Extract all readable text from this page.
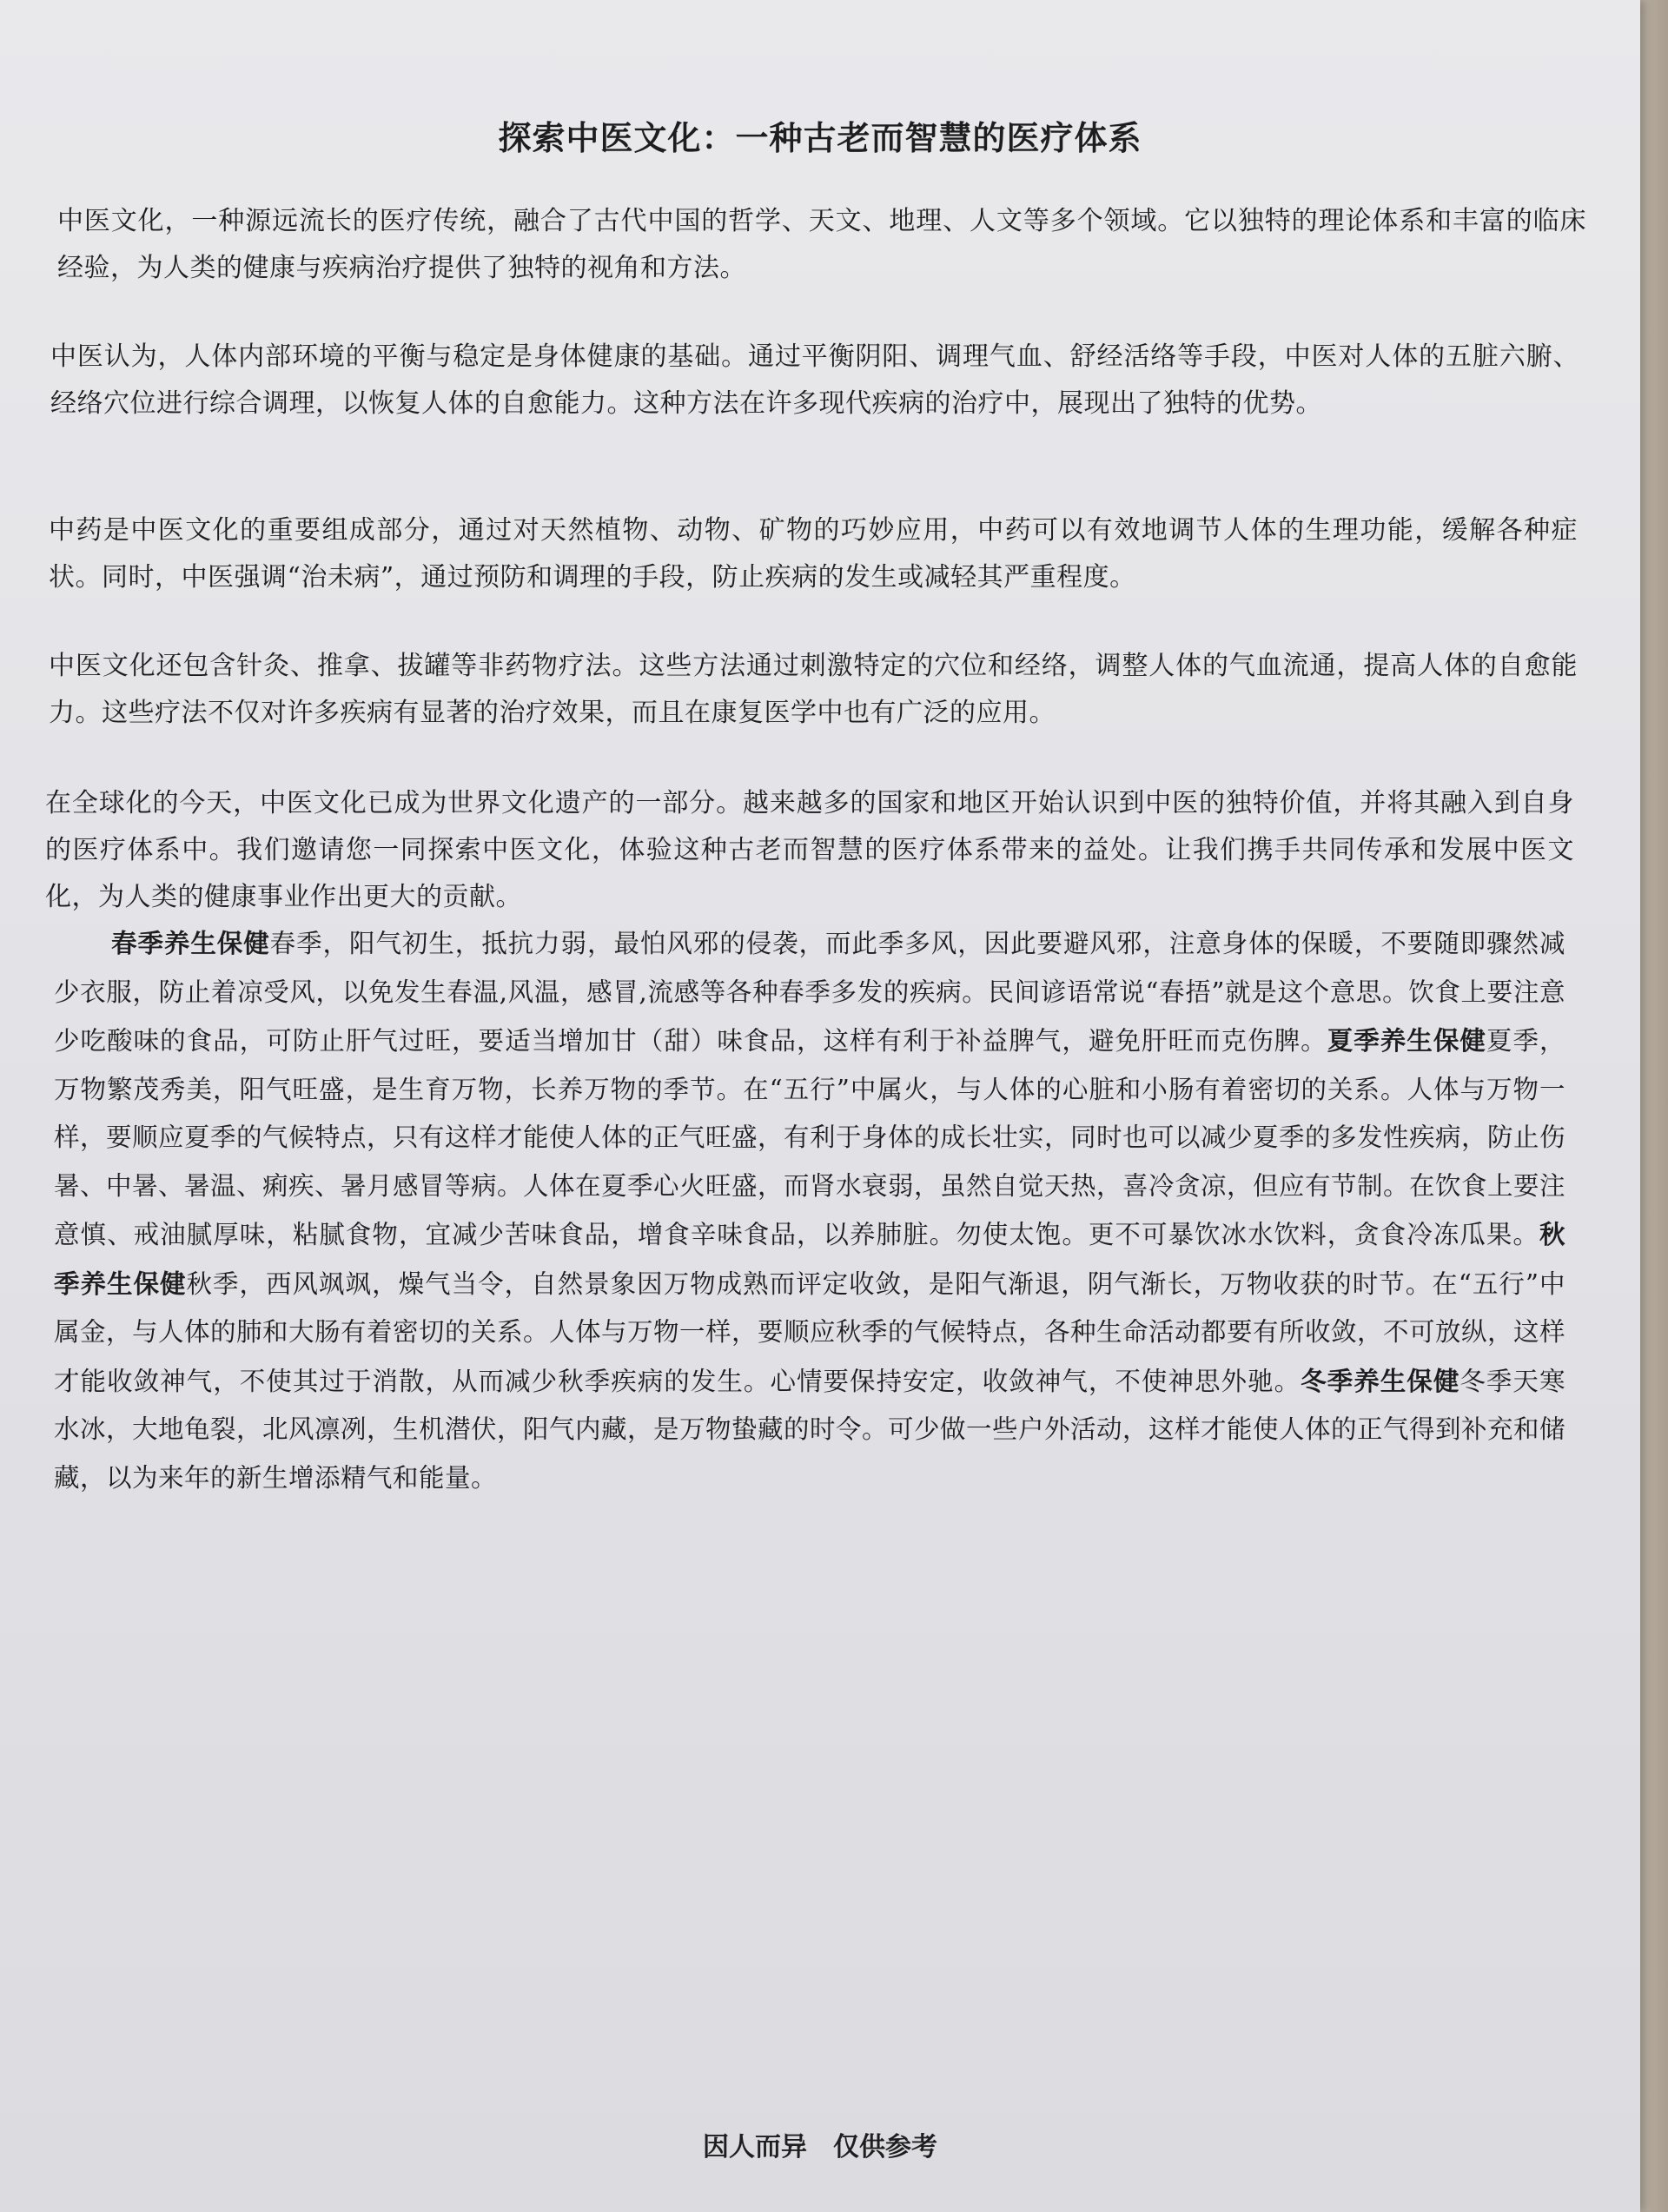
探索中医文化：一种古老而智慧的医疗体系

中医文化，一种源远流长的医疗传统，融合了古代中国的哲学、天文、地理、人文等多个领域。它以独特的理论体系和丰富的临床经验，为人类的健康与疾病治疗提供了独特的视角和方法。

中医认为，人体内部环境的平衡与稳定是身体健康的基础。通过平衡阴阳、调理气血、舒经活络等手段，中医对人体的五脏六腑、经络穴位进行综合调理，以恢复人体的自愈能力。这种方法在许多现代疾病的治疗中，展现出了独特的优势。

中药是中医文化的重要组成部分，通过对天然植物、动物、矿物的巧妙应用，中药可以有效地调节人体的生理功能，缓解各种症状。同时，中医强调“治未病”，通过预防和调理的手段，防止疾病的发生或减轻其严重程度。

中医文化还包含针灸、推拿、拔罐等非药物疗法。这些方法通过刺激特定的穴位和经络，调整人体的气血流通，提高人体的自愈能力。这些疗法不仅对许多疾病有显著的治疗效果，而且在康复医学中也有广泛的应用。

在全球化的今天，中医文化已成为世界文化遗产的一部分。越来越多的国家和地区开始认识到中医的独特价值，并将其融入到自身的医疗体系中。我们邀请您一同探索中医文化，体验这种古老而智慧的医疗体系带来的益处。让我们携手共同传承和发展中医文化，为人类的健康事业作出更大的贡献。

春季养生保健春季，阳气初生，抵抗力弱，最怕风邪的侵袭，而此季多风，因此要避风邪，注意身体的保暖，不要随即骤然减少衣服，防止着凉受风，以免发生春温,风温，感冒,流感等各种春季多发的疾病。民间谚语常说“春捂”就是这个意思。饮食上要注意少吃酸味的食品，可防止肝气过旺，要适当增加甘（甜）味食品，这样有利于补益脾气，避免肝旺而克伤脾。夏季养生保健夏季，万物繁茂秀美，阳气旺盛，是生育万物，长养万物的季节。在“五行”中属火，与人体的心脏和小肠有着密切的关系。人体与万物一样，要顺应夏季的气候特点，只有这样才能使人体的正气旺盛，有利于身体的成长壮实，同时也可以减少夏季的多发性疾病，防止伤暑、中暑、暑温、痢疾、暑月感冒等病。人体在夏季心火旺盛，而肾水衰弱，虽然自觉天热，喜冷贪凉，但应有节制。在饮食上要注意慎、戒油腻厚味，粘腻食物，宜减少苦味食品，增食辛味食品，以养肺脏。勿使太饱。更不可暴饮冰水饮料，贪食冷冻瓜果。秋季养生保健秋季，西风飒飒，燥气当令，自然景象因万物成熟而评定收敛，是阳气渐退，阴气渐长，万物收获的时节。在“五行”中属金，与人体的肺和大肠有着密切的关系。人体与万物一样，要顺应秋季的气候特点，各种生命活动都要有所收敛，不可放纵，这样才能收敛神气，不使其过于消散，从而减少秋季疾病的发生。心情要保持安定，收敛神气，不使神思外驰。冬季养生保健冬季天寒水冰，大地龟裂，北风凛冽，生机潜伏，阳气内藏，是万物蛰藏的时令。可少做一些户外活动，这样才能使人体的正气得到补充和储藏，以为来年的新生增添精气和能量。

因人而异 仅供参考
